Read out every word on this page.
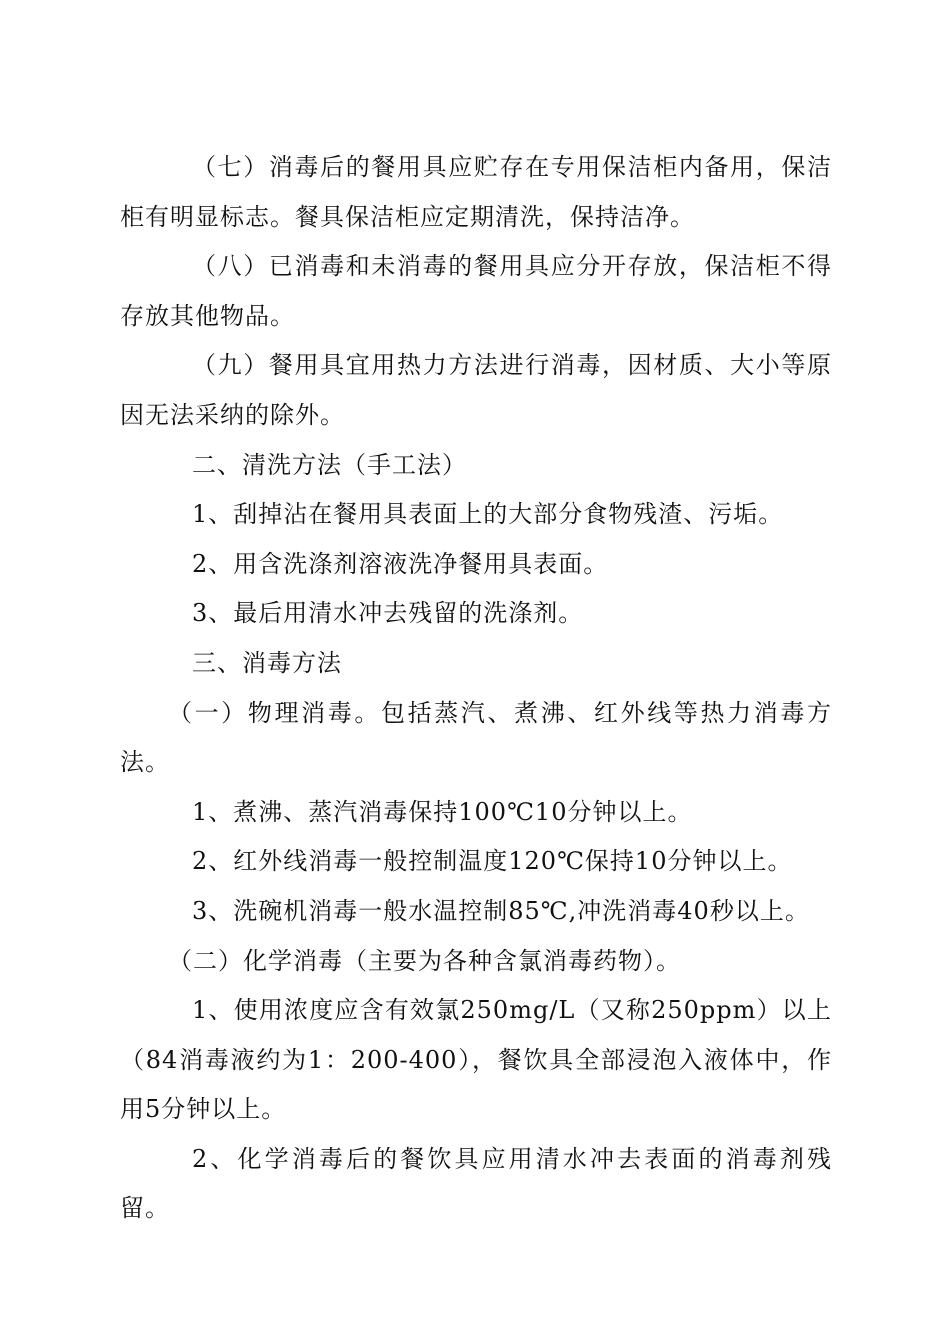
（七）消毒后的餐用具应贮存在专用保洁柜内备用，保洁柜有明显标志。餐具保洁柜应定期清洗，保持洁净。

（八）已消毒和未消毒的餐用具应分开存放，保洁柜不得存放其他物品。

（九）餐用具宜用热力方法进行消毒，因材质、大小等原因无法采纳的除外。

二、清洗方法（手工法）

1、刮掉沾在餐用具表面上的大部分食物残渣、污垢。

2、用含洗涤剂溶液洗净餐用具表面。

3、最后用清水冲去残留的洗涤剂。

三、消毒方法

（一）物理消毒。包括蒸汽、煮沸、红外线等热力消毒方法。

1、煮沸、蒸汽消毒保持100℃10分钟以上。

2、红外线消毒一般控制温度120℃保持10分钟以上。

3、洗碗机消毒一般水温控制85℃,冲洗消毒40秒以上。

（二）化学消毒（主要为各种含氯消毒药物）。

1、使用浓度应含有效氯250mg/L（又称250ppm）以上（84消毒液约为1：200-400），餐饮具全部浸泡入液体中，作用5分钟以上。

2、化学消毒后的餐饮具应用清水冲去表面的消毒剂残留。
